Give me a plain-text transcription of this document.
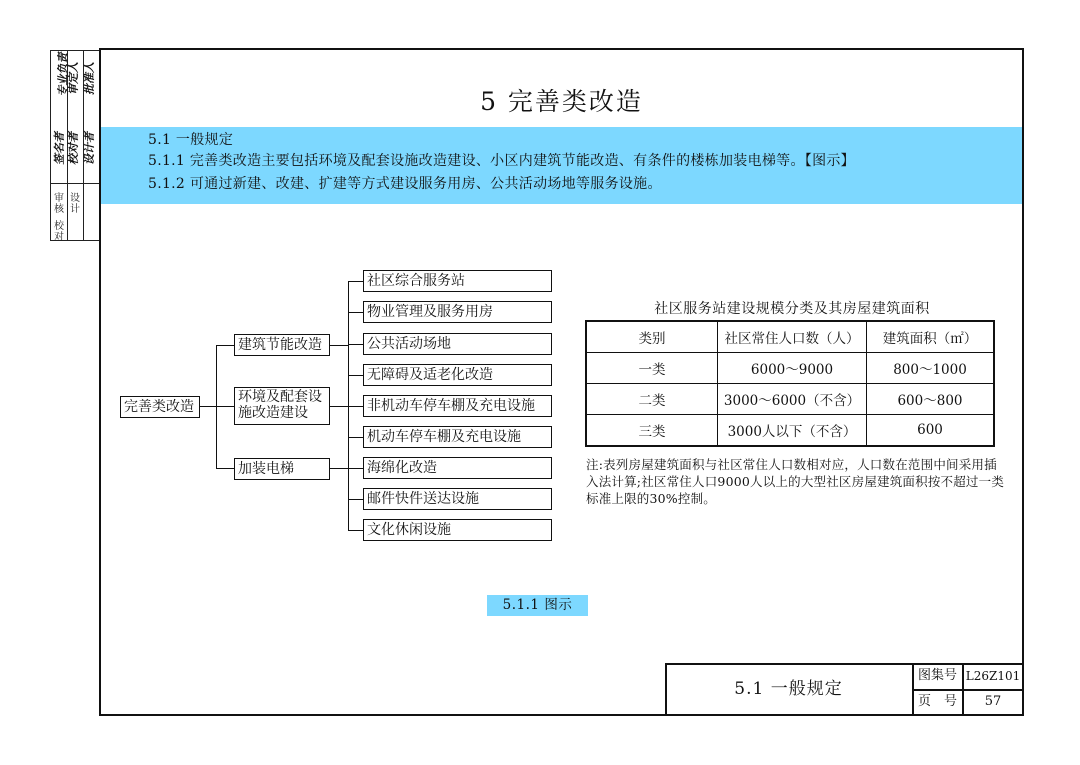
专业负责
审定人 批准人
签名者 校对者 设计者
审
核
校
对
设
计
5 完善类改造
5.1 一般规定
5.1.1 完善类改造主要包括环境及配套设施改造建设、小区内建筑节能改造、有条件的楼栋加装电梯等。【图示】
5.1.2 可通过新建、改建、扩建等方式建设服务用房、公共活动场地等服务设施。
完善类改造
建筑节能改造
环境及配套设
施改造建设
加装电梯
社区综合服务站
物业管理及服务用房
公共活动场地
无障碍及适老化改造
非机动车停车棚及充电设施
机动车停车棚及充电设施
海绵化改造
邮件快件送达设施
文化休闲设施
社区服务站建设规模分类及其房屋建筑面积
类别	社区常住人口数（人）	建筑面积（㎡）
一类	6000～9000	800～1000
二类	3000～6000（不含）	600～800
三类	3000人以下（不含）	600
注:表列房屋建筑面积与社区常住人口数相对应，人口数在范围中间采用插入法计算;社区常住人口9000人以上的大型社区房屋建筑面积按不超过一类标准上限的30%控制。
5.1.1 图示
5.1 一般规定
图集号 L26Z101
页　号	57
